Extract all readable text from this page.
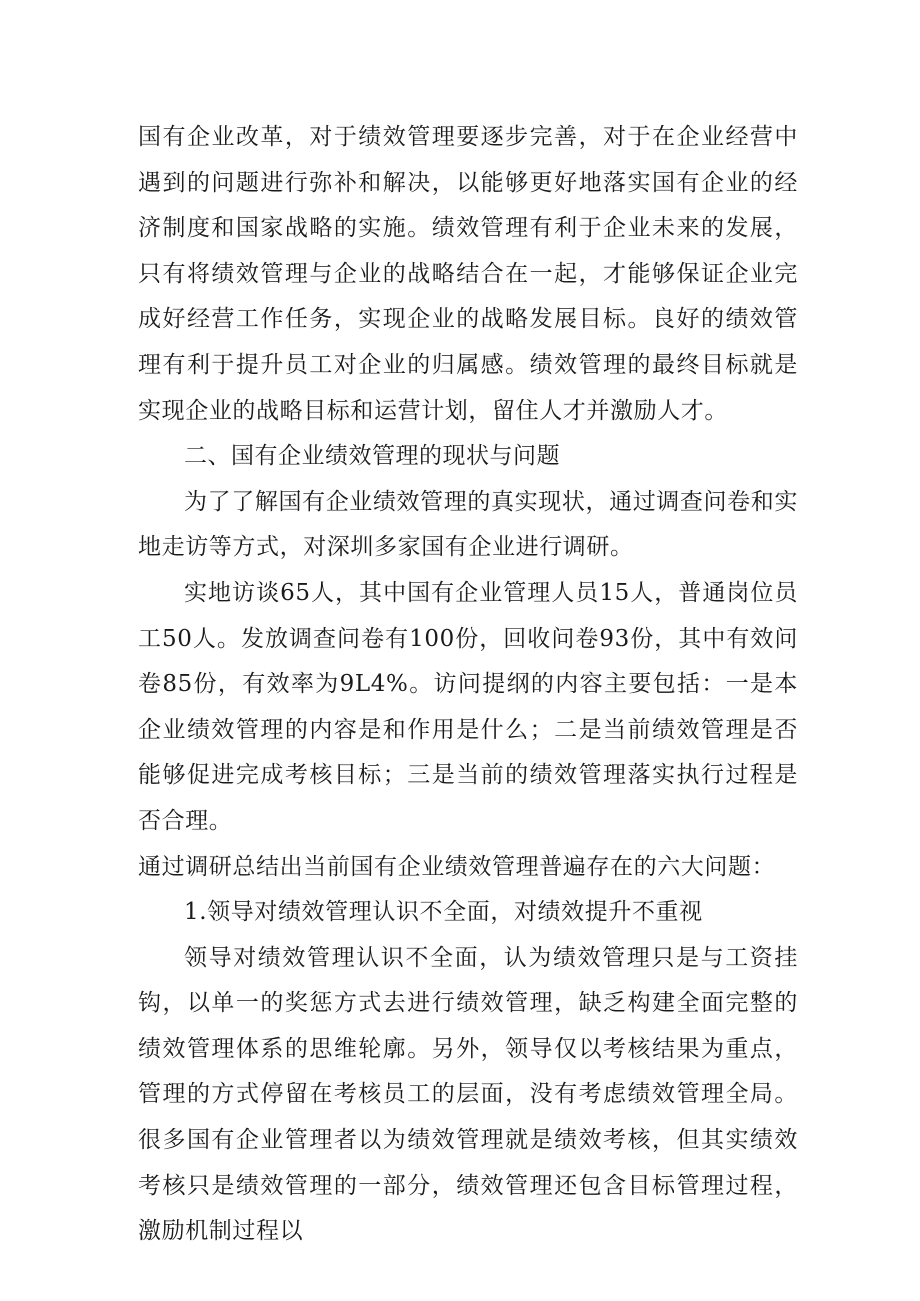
国有企业改革，对于绩效管理要逐步完善，对于在企业经营中遇到的问题进行弥补和解决，以能够更好地落实国有企业的经济制度和国家战略的实施。绩效管理有利于企业未来的发展，只有将绩效管理与企业的战略结合在一起，才能够保证企业完成好经营工作任务，实现企业的战略发展目标。良好的绩效管理有利于提升员工对企业的归属感。绩效管理的最终目标就是实现企业的战略目标和运营计划，留住人才并激励人才。

二、国有企业绩效管理的现状与问题

为了了解国有企业绩效管理的真实现状，通过调查问卷和实地走访等方式，对深圳多家国有企业进行调研。

实地访谈65人，其中国有企业管理人员15人，普通岗位员工50人。发放调查问卷有100份，回收问卷93份，其中有效问卷85份，有效率为9L4%。访问提纲的内容主要包括：一是本企业绩效管理的内容是和作用是什么；二是当前绩效管理是否能够促进完成考核目标；三是当前的绩效管理落实执行过程是否合理。

通过调研总结出当前国有企业绩效管理普遍存在的六大问题：

1.领导对绩效管理认识不全面，对绩效提升不重视

领导对绩效管理认识不全面，认为绩效管理只是与工资挂钩，以单一的奖惩方式去进行绩效管理，缺乏构建全面完整的绩效管理体系的思维轮廓。另外，领导仅以考核结果为重点，管理的方式停留在考核员工的层面，没有考虑绩效管理全局。很多国有企业管理者以为绩效管理就是绩效考核，但其实绩效考核只是绩效管理的一部分，绩效管理还包含目标管理过程，激励机制过程以
